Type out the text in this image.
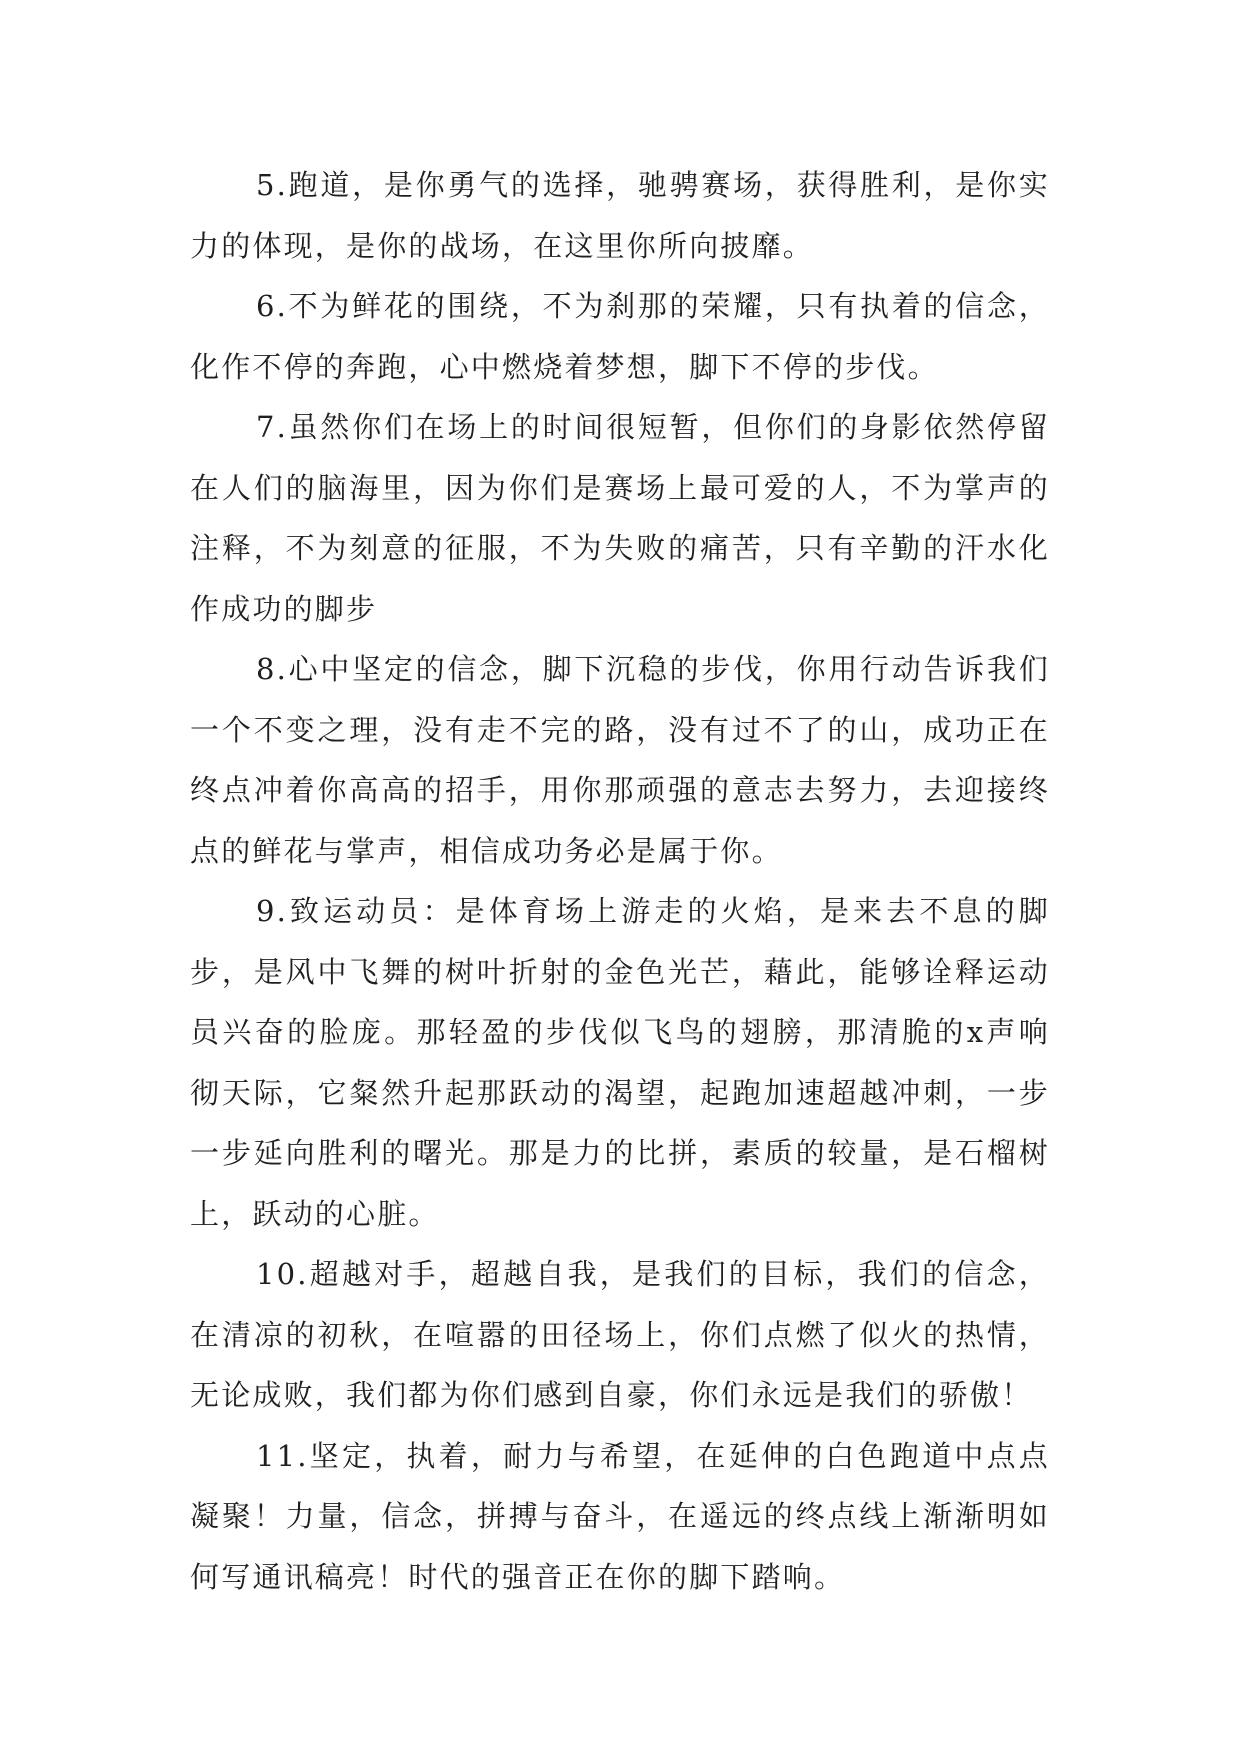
5.跑道，是你勇气的选择，驰骋赛场，获得胜利，是你实力的体现，是你的战场，在这里你所向披靡。

6.不为鲜花的围绕，不为刹那的荣耀，只有执着的信念，化作不停的奔跑，心中燃烧着梦想，脚下不停的步伐。

7.虽然你们在场上的时间很短暂，但你们的身影依然停留在人们的脑海里，因为你们是赛场上最可爱的人，不为掌声的注释，不为刻意的征服，不为失败的痛苦，只有辛勤的汗水化作成功的脚步

8.心中坚定的信念，脚下沉稳的步伐，你用行动告诉我们一个不变之理，没有走不完的路，没有过不了的山，成功正在终点冲着你高高的招手，用你那顽强的意志去努力，去迎接终点的鲜花与掌声，相信成功务必是属于你。

9.致运动员：是体育场上游走的火焰，是来去不息的脚步，是风中飞舞的树叶折射的金色光芒，藉此，能够诠释运动员兴奋的脸庞。那轻盈的步伐似飞鸟的翅膀，那清脆的x声响彻天际，它粲然升起那跃动的渴望，起跑加速超越冲刺，一步一步延向胜利的曙光。那是力的比拼，素质的较量，是石榴树上，跃动的心脏。

10.超越对手，超越自我，是我们的目标，我们的信念，在清凉的初秋，在喧嚣的田径场上，你们点燃了似火的热情，无论成败，我们都为你们感到自豪，你们永远是我们的骄傲！

11.坚定，执着，耐力与希望，在延伸的白色跑道中点点凝聚！力量，信念，拼搏与奋斗，在遥远的终点线上渐渐明如何写通讯稿亮！时代的强音正在你的脚下踏响。
